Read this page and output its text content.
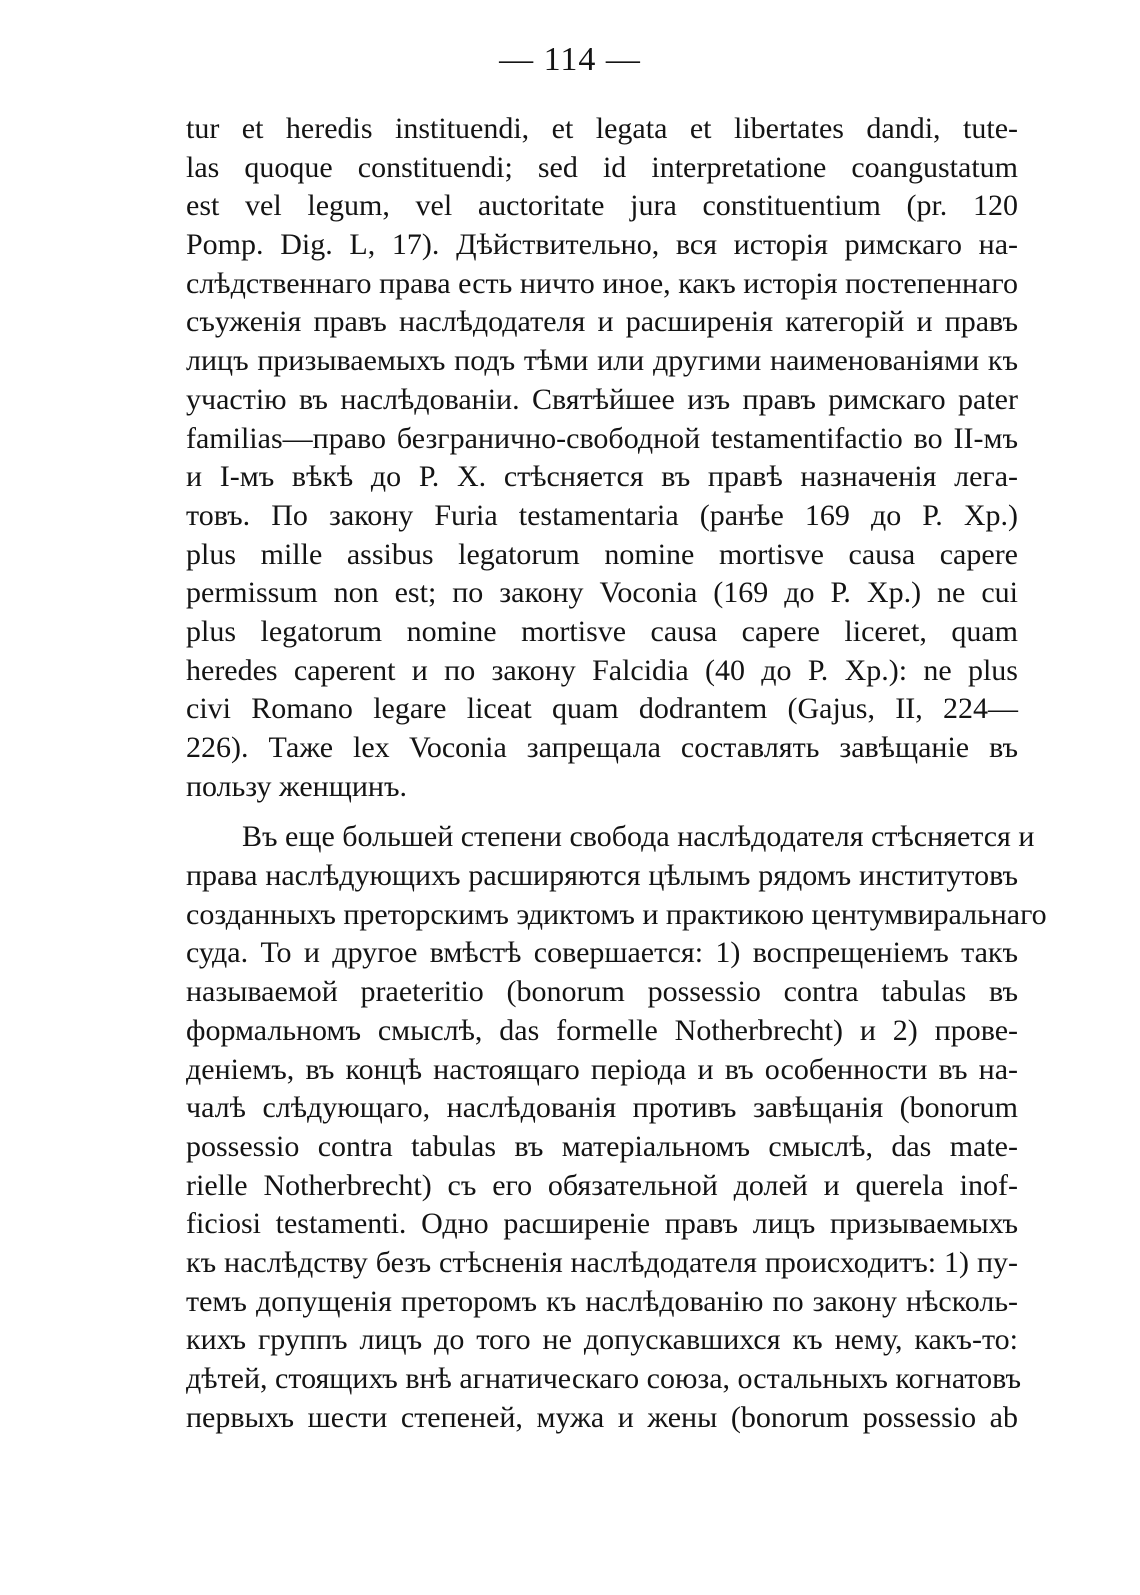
— 114 —
tur et heredis instituendi, et legata et libertates dandi, tute-
las quoque constituendi; sed id interpretatione coangustatum
est vel legum, vel auctoritate jura constituentium (pr. 120
Pomp. Dig. L, 17). Дѣйствительно, вся исторія римскаго на-
слѣдственнаго права есть ничто иное, какъ исторія постепеннаго
съуженія правъ наслѣдодателя и расширенія категорій и правъ
лицъ призываемыхъ подъ тѣми или другими наименованіями къ
участію въ наслѣдованіи. Святѣйшее изъ правъ римскаго pater
familias—право безгранично-свободной testamentifactio во II-мъ
и I-мъ вѣкѣ до Р. X. стѣсняется въ правѣ назначенія лега-
товъ. По закону Furia testamentaria (ранѣе 169 до Р. Хр.)
plus mille assibus legatorum nomine mortisve causa capere
permissum non est; по закону Voconia (169 до Р. Хр.) ne cui
plus legatorum nomine mortisve causa capere liceret, quam
heredes caperent и по закону Falcidia (40 до Р. Хр.): ne plus
civi Romano legare liceat quam dodrantem (Gajus, II, 224—
226). Таже lex Voconia запрещала составлять завѣщаніе въ
пользу женщинъ.
Въ еще большей степени свобода наслѣдодателя стѣсняется и
права наслѣдующихъ расширяются цѣлымъ рядомъ институтовъ
созданныхъ преторскимъ эдиктомъ и практикою центумвиральнаго
суда. То и другое вмѣстѣ совершается: 1) воспрещеніемъ такъ
называемой praeteritio (bonorum possessio contra tabulas въ
формальномъ смыслѣ, das formelle Notherbrecht) и 2) прове-
деніемъ, въ концѣ настоящаго періода и въ особенности въ на-
чалѣ слѣдующаго, наслѣдованія противъ завѣщанія (bonorum
possessio contra tabulas въ матеріальномъ смыслѣ, das mate-
rielle Notherbrecht) съ его обязательной долей и querela inof-
ficiosi testamenti. Одно расширеніе правъ лицъ призываемыхъ
къ наслѣдству безъ стѣсненія наслѣдодателя происходитъ: 1) пу-
темъ допущенія преторомъ къ наслѣдованію по закону нѣсколь-
кихъ группъ лицъ до того не допускавшихся къ нему, какъ-то:
дѣтей, стоящихъ внѣ агнатическаго союза, остальныхъ когнатовъ
первыхъ шести степеней, мужа и жены (bonorum possessio ab
